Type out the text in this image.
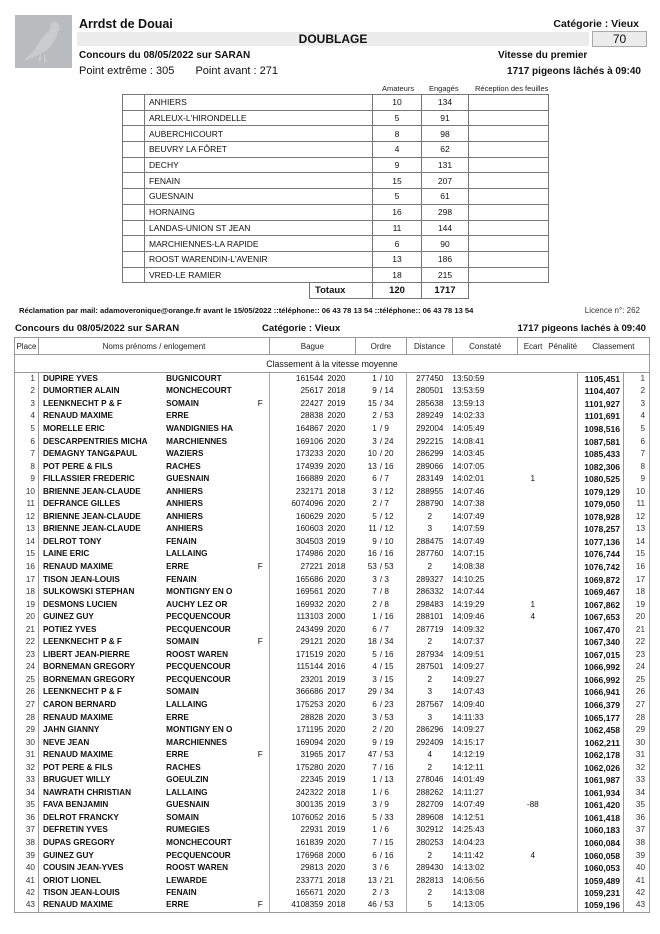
Arrdst de Douai	Catégorie : Vieux
DOUBLAGE	70
Concours du 08/05/2022 sur SARAN	Vitesse du premier
Point extrême : 305 Point avant : 271	1717 pigeons lâchés à 09:40
Amateurs Engagés Réception des feuilles
	ANHIERS	10	134	
	ARLEUX-L'HIRONDELLE	5	91	
	AUBERCHICOURT	8	98	
	BEUVRY LA FÔRET	4	62	
	DECHY	9	131	
	FENAIN	15	207	
	GUESNAIN	5	61	
	HORNAING	16	298	
	LANDAS-UNION ST JEAN	11	144	
	MARCHIENNES-LA RAPIDE	6	90	
	ROOST WARENDIN-L'AVENIR	13	186	
	VRED-LE RAMIER	18	215	

	Totaux	120	1717	
Réclamation par mail: adamoveronique@orange.fr avant le 15/05/2022 ::téléphone:: 06 43 78 13 54 ::téléphone:: 06 43 78 13 54	Licence n°: 262
Concours du 08/05/2022 sur SARAN	Catégorie : Vieux	1717 pigeons lachés à 09:40
Place	Noms prénoms / enlogement			Bague		Ordre		Distance	Constaté	Ecart	Pénalité	Classement	
Classement à la vitesse moyenne													
1	DUPIRE YVES	BUGNICOURT		161544	2020	1	/ 10	277450	13:50:59			1105,451	1
2	DUMORTIER ALAIN	MONCHECOURT		25617	2018	9	/ 14	280501	13:53:59			1104,407	2
3	LEENKNECHT P & F	SOMAIN	F	22427	2019	15	/ 34	285638	13:59:13			1101,927	3
4	RENAUD MAXIME	ERRE		28838	2020	2	/ 53	289249	14:02:33			1101,691	4
5	MORELLE ERIC	WANDIGNIES HA		164867	2020	1	/ 9	292004	14:05:49			1098,516	5
6	DESCARPENTRIES MICHA	MARCHIENNES		169106	2020	3	/ 24	292215	14:08:41			1087,581	6
7	DEMAGNY TANG&PAUL	WAZIERS		173233	2020	10	/ 20	286299	14:03:45			1085,433	7
8	POT PERE & FILS	RACHES		174939	2020	13	/ 16	289066	14:07:05			1082,306	8
9	FILLASSIER FREDERIC	GUESNAIN		166889	2020	6	/ 7	283149	14:02:01	1		1080,525	9
10	BRIENNE JEAN-CLAUDE	ANHIERS		232171	2018	3	/ 12	288955	14:07:46			1079,129	10
11	DEFRANCE GILLES	ANHIERS		6074096	2020	2	/ 7	288790	14:07:38			1079,050	11
12	BRIENNE JEAN-CLAUDE	ANHIERS		160629	2020	5	/ 12	2	14:07:49			1078,928	12
13	BRIENNE JEAN-CLAUDE	ANHIERS		160603	2020	11	/ 12	3	14:07:59			1078,257	13
14	DELROT TONY	FENAIN		304503	2019	9	/ 10	288475	14:07:49			1077,136	14
15	LAINE ERIC	LALLAING		174986	2020	16	/ 16	287760	14:07:15			1076,744	15
16	RENAUD MAXIME	ERRE	F	27221	2018	53	/ 53	2	14:08:38			1076,742	16
17	TISON JEAN-LOUIS	FENAIN		165686	2020	3	/ 3	289327	14:10:25			1069,872	17
18	SULKOWSKI STEPHAN	MONTIGNY EN O		169561	2020	7	/ 8	286332	14:07:44			1069,467	18
19	DESMONS LUCIEN	AUCHY LEZ OR		169932	2020	2	/ 8	298483	14:19:29	1		1067,862	19
20	GUINEZ GUY	PECQUENCOUR		113103	2000	1	/ 16	288101	14:09:46	4		1067,653	20
21	POTIEZ YVES	PECQUENCOUR		243499	2020	6	/ 7	287719	14:09:32			1067,470	21
22	LEENKNECHT P & F	SOMAIN	F	29121	2020	18	/ 34	2	14:07:37			1067,340	22
23	LIBERT JEAN-PIERRE	ROOST WAREN		171519	2020	5	/ 16	287934	14:09:51			1067,015	23
24	BORNEMAN GREGORY	PECQUENCOUR		115144	2016	4	/ 15	287501	14:09:27			1066,992	24
25	BORNEMAN GREGORY	PECQUENCOUR		23201	2019	3	/ 15	2	14:09:27			1066,992	25
26	LEENKNECHT P & F	SOMAIN		366686	2017	29	/ 34	3	14:07:43			1066,941	26
27	CARON BERNARD	LALLAING		175253	2020	6	/ 23	287567	14:09:40			1066,379	27
28	RENAUD MAXIME	ERRE		28828	2020	3	/ 53	3	14:11:33			1065,177	28
29	JAHN GIANNY	MONTIGNY EN O		171195	2020	2	/ 20	286296	14:09:27			1062,458	29
30	NEVE JEAN	MARCHIENNES		169094	2020	9	/ 19	292409	14:15:17			1062,211	30
31	RENAUD MAXIME	ERRE	F	31965	2017	47	/ 53	4	14:12:19			1062,178	31
32	POT PERE & FILS	RACHES		175280	2020	7	/ 16	2	14:12:11			1062,026	32
33	BRUGUET WILLY	GOEULZIN		22345	2019	1	/ 13	278046	14:01:49			1061,987	33
34	NAWRATH CHRISTIAN	LALLAING		242322	2018	1	/ 6	288262	14:11:27			1061,934	34
35	FAVA BENJAMIN	GUESNAIN		300135	2019	3	/ 9	282709	14:07:49	-88		1061,420	35
36	DELROT FRANCKY	SOMAIN		1076052	2016	5	/ 33	289608	14:12:51			1061,418	36
37	DEFRETIN YVES	RUMEGIES		22931	2019	1	/ 6	302912	14:25:43			1060,183	37
38	DUPAS GREGORY	MONCHECOURT		161839	2020	7	/ 15	280253	14:04:23			1060,084	38
39	GUINEZ GUY	PECQUENCOUR		176968	2000	6	/ 16	2	14:11:42	4		1060,058	39
40	COUSIN JEAN-YVES	ROOST WAREN		29813	2020	3	/ 6	289430	14:13:02			1060,053	40
41	ORIOT LIONEL	LEWARDE		233771	2018	13	/ 21	282813	14:06:56			1059,489	41
42	TISON JEAN-LOUIS	FENAIN		165671	2020	2	/ 3	2	14:13:08			1059,231	42
43	RENAUD MAXIME	ERRE	F	4108359	2018	46	/ 53	5	14:13:05			1059,196	43
